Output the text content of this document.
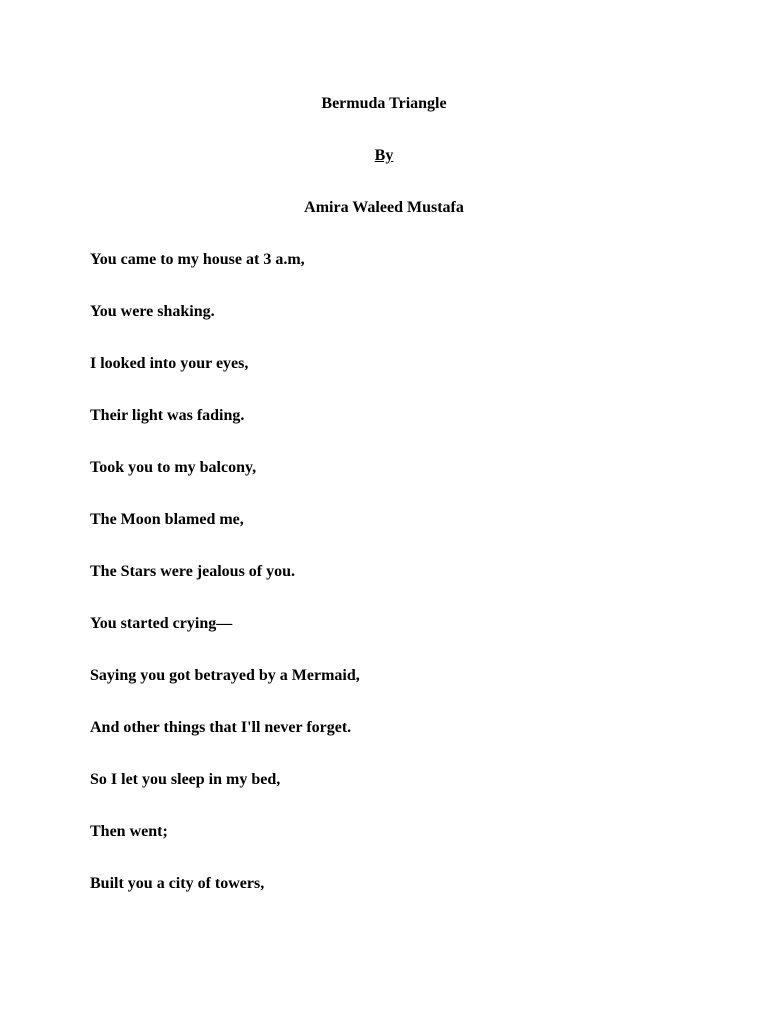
Bermuda Triangle
By
Amira Waleed Mustafa
You came to my house at 3 a.m,
You were shaking.
I looked into your eyes,
Their light was fading.
Took you to my balcony,
The Moon blamed me,
The Stars were jealous of you.
You started crying—
Saying you got betrayed by a Mermaid,
And other things that I'll never forget.
So I let you sleep in my bed,
Then went;
Built you a city of towers,
